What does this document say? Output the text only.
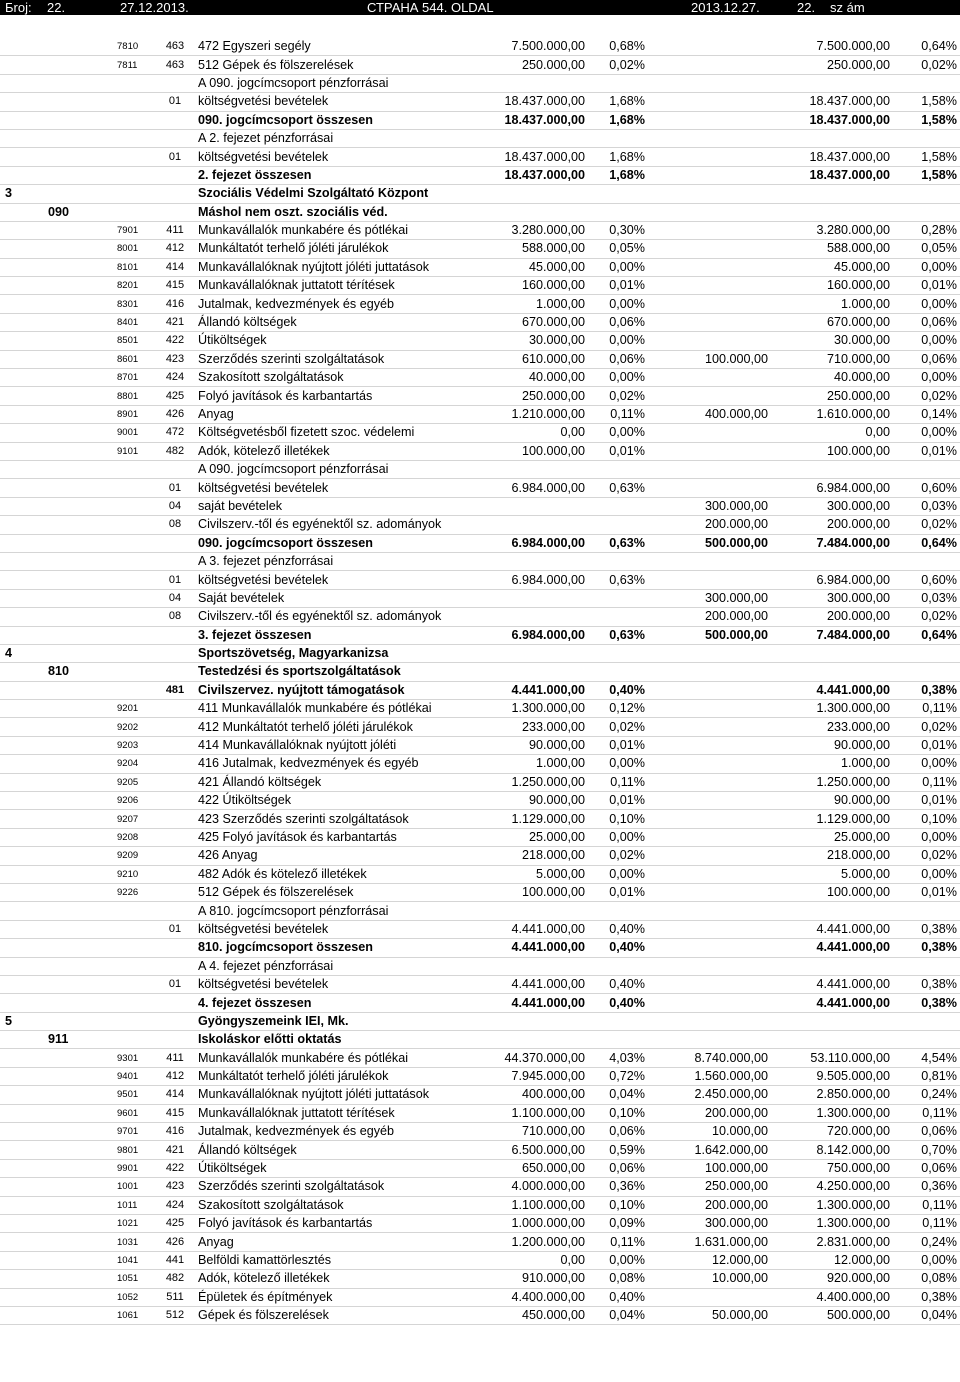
Бroj: 22.	27.12.2013.	СТРАНА 544. OLDAL	2013.12.27.	22. sz ám
		7810	463	472 Egyszeri segély	7.500.000,00	0,68%		7.500.000,00	0,64%
		7811	463	512 Gépek és fölszerelések	250.000,00	0,02%		250.000,00	0,02%
				A 090. jogcímcsoport pénzforrásai					
			01	költségvetési bevételek	18.437.000,00	1,68%		18.437.000,00	1,58%
				090. jogcímcsoport összesen	18.437.000,00	1,68%		18.437.000,00	1,58%
				A 2. fejezet pénzforrásai					
			01	költségvetési bevételek	18.437.000,00	1,68%		18.437.000,00	1,58%
				2. fejezet összesen	18.437.000,00	1,68%		18.437.000,00	1,58%
3				Szociális Védelmi Szolgáltató Központ					
	090			Máshol nem oszt. szociális véd.					
		7901	411	Munkavállalók munkabére és pótlékai	3.280.000,00	0,30%		3.280.000,00	0,28%
		8001	412	Munkáltatót terhelő jóléti járulékok	588.000,00	0,05%		588.000,00	0,05%
		8101	414	Munkavállalóknak nyújtott jóléti juttatások	45.000,00	0,00%		45.000,00	0,00%
		8201	415	Munkavállalóknak juttatott térítések	160.000,00	0,01%		160.000,00	0,01%
		8301	416	Jutalmak, kedvezmények és egyéb	1.000,00	0,00%		1.000,00	0,00%
		8401	421	Állandó költségek	670.000,00	0,06%		670.000,00	0,06%
		8501	422	Útiköltségek	30.000,00	0,00%		30.000,00	0,00%
		8601	423	Szerződés szerinti szolgáltatások	610.000,00	0,06%	100.000,00	710.000,00	0,06%
		8701	424	Szakosított szolgáltatások	40.000,00	0,00%		40.000,00	0,00%
		8801	425	Folyó javítások és karbantartás	250.000,00	0,02%		250.000,00	0,02%
		8901	426	Anyag	1.210.000,00	0,11%	400.000,00	1.610.000,00	0,14%
		9001	472	Költségvetésből fizetett szoc. védelemi	0,00	0,00%		0,00	0,00%
		9101	482	Adók, kötelező illetékek	100.000,00	0,01%		100.000,00	0,01%
				A 090. jogcímcsoport pénzforrásai					
			01	költségvetési bevételek	6.984.000,00	0,63%		6.984.000,00	0,60%
			04	saját bevételek			300.000,00	300.000,00	0,03%
			08	Civilszerv.-től és egyénektől sz. adományok			200.000,00	200.000,00	0,02%
				090. jogcímcsoport összesen	6.984.000,00	0,63%	500.000,00	7.484.000,00	0,64%
				A 3. fejezet pénzforrásai					
			01	költségvetési bevételek	6.984.000,00	0,63%		6.984.000,00	0,60%
			04	Saját bevételek			300.000,00	300.000,00	0,03%
			08	Civilszerv.-től és egyénektől sz. adományok			200.000,00	200.000,00	0,02%
				3. fejezet összesen	6.984.000,00	0,63%	500.000,00	7.484.000,00	0,64%
4				Sportszövetség, Magyarkanizsa					
	810			Testedzési és sportszolgáltatások					
			481	Civilszervez. nyújtott támogatások	4.441.000,00	0,40%		4.441.000,00	0,38%
		9201		411 Munkavállalók munkabére és pótlékai	1.300.000,00	0,12%		1.300.000,00	0,11%
		9202		412 Munkáltatót terhelő jóléti járulékok	233.000,00	0,02%		233.000,00	0,02%
		9203		414 Munkavállalóknak nyújtott jóléti	90.000,00	0,01%		90.000,00	0,01%
		9204		416 Jutalmak, kedvezmények és egyéb	1.000,00	0,00%		1.000,00	0,00%
		9205		421 Állandó költségek	1.250.000,00	0,11%		1.250.000,00	0,11%
		9206		422 Útiköltségek	90.000,00	0,01%		90.000,00	0,01%
		9207		423 Szerződés szerinti szolgáltatások	1.129.000,00	0,10%		1.129.000,00	0,10%
		9208		425 Folyó javítások és karbantartás	25.000,00	0,00%		25.000,00	0,00%
		9209		426 Anyag	218.000,00	0,02%		218.000,00	0,02%
		9210		482 Adók és kötelező illetékek	5.000,00	0,00%		5.000,00	0,00%
		9226		512 Gépek és fölszerelések	100.000,00	0,01%		100.000,00	0,01%
				A 810. jogcímcsoport pénzforrásai					
			01	költségvetési bevételek	4.441.000,00	0,40%		4.441.000,00	0,38%
				810. jogcímcsoport összesen	4.441.000,00	0,40%		4.441.000,00	0,38%
				A 4. fejezet pénzforrásai					
			01	költségvetési bevételek	4.441.000,00	0,40%		4.441.000,00	0,38%
				4. fejezet összesen	4.441.000,00	0,40%		4.441.000,00	0,38%
5				Gyöngyszemeink IEI, Mk.					
	911			Iskoláskor előtti oktatás					
		9301	411	Munkavállalók munkabére és pótlékai	44.370.000,00	4,03%	8.740.000,00	53.110.000,00	4,54%
		9401	412	Munkáltatót terhelő jóléti járulékok	7.945.000,00	0,72%	1.560.000,00	9.505.000,00	0,81%
		9501	414	Munkavállalóknak nyújtott jóléti juttatások	400.000,00	0,04%	2.450.000,00	2.850.000,00	0,24%
		9601	415	Munkavállalóknak juttatott térítések	1.100.000,00	0,10%	200.000,00	1.300.000,00	0,11%
		9701	416	Jutalmak, kedvezmények és egyéb	710.000,00	0,06%	10.000,00	720.000,00	0,06%
		9801	421	Állandó költségek	6.500.000,00	0,59%	1.642.000,00	8.142.000,00	0,70%
		9901	422	Útiköltségek	650.000,00	0,06%	100.000,00	750.000,00	0,06%
		1001	423	Szerződés szerinti szolgáltatások	4.000.000,00	0,36%	250.000,00	4.250.000,00	0,36%
		1011	424	Szakosított szolgáltatások	1.100.000,00	0,10%	200.000,00	1.300.000,00	0,11%
		1021	425	Folyó javítások és karbantartás	1.000.000,00	0,09%	300.000,00	1.300.000,00	0,11%
		1031	426	Anyag	1.200.000,00	0,11%	1.631.000,00	2.831.000,00	0,24%
		1041	441	Belföldi kamattörlesztés	0,00	0,00%	12.000,00	12.000,00	0,00%
		1051	482	Adók, kötelező illetékek	910.000,00	0,08%	10.000,00	920.000,00	0,08%
		1052	511	Épületek és építmények	4.400.000,00	0,40%		4.400.000,00	0,38%
		1061	512	Gépek és fölszerelések	450.000,00	0,04%	50.000,00	500.000,00	0,04%
